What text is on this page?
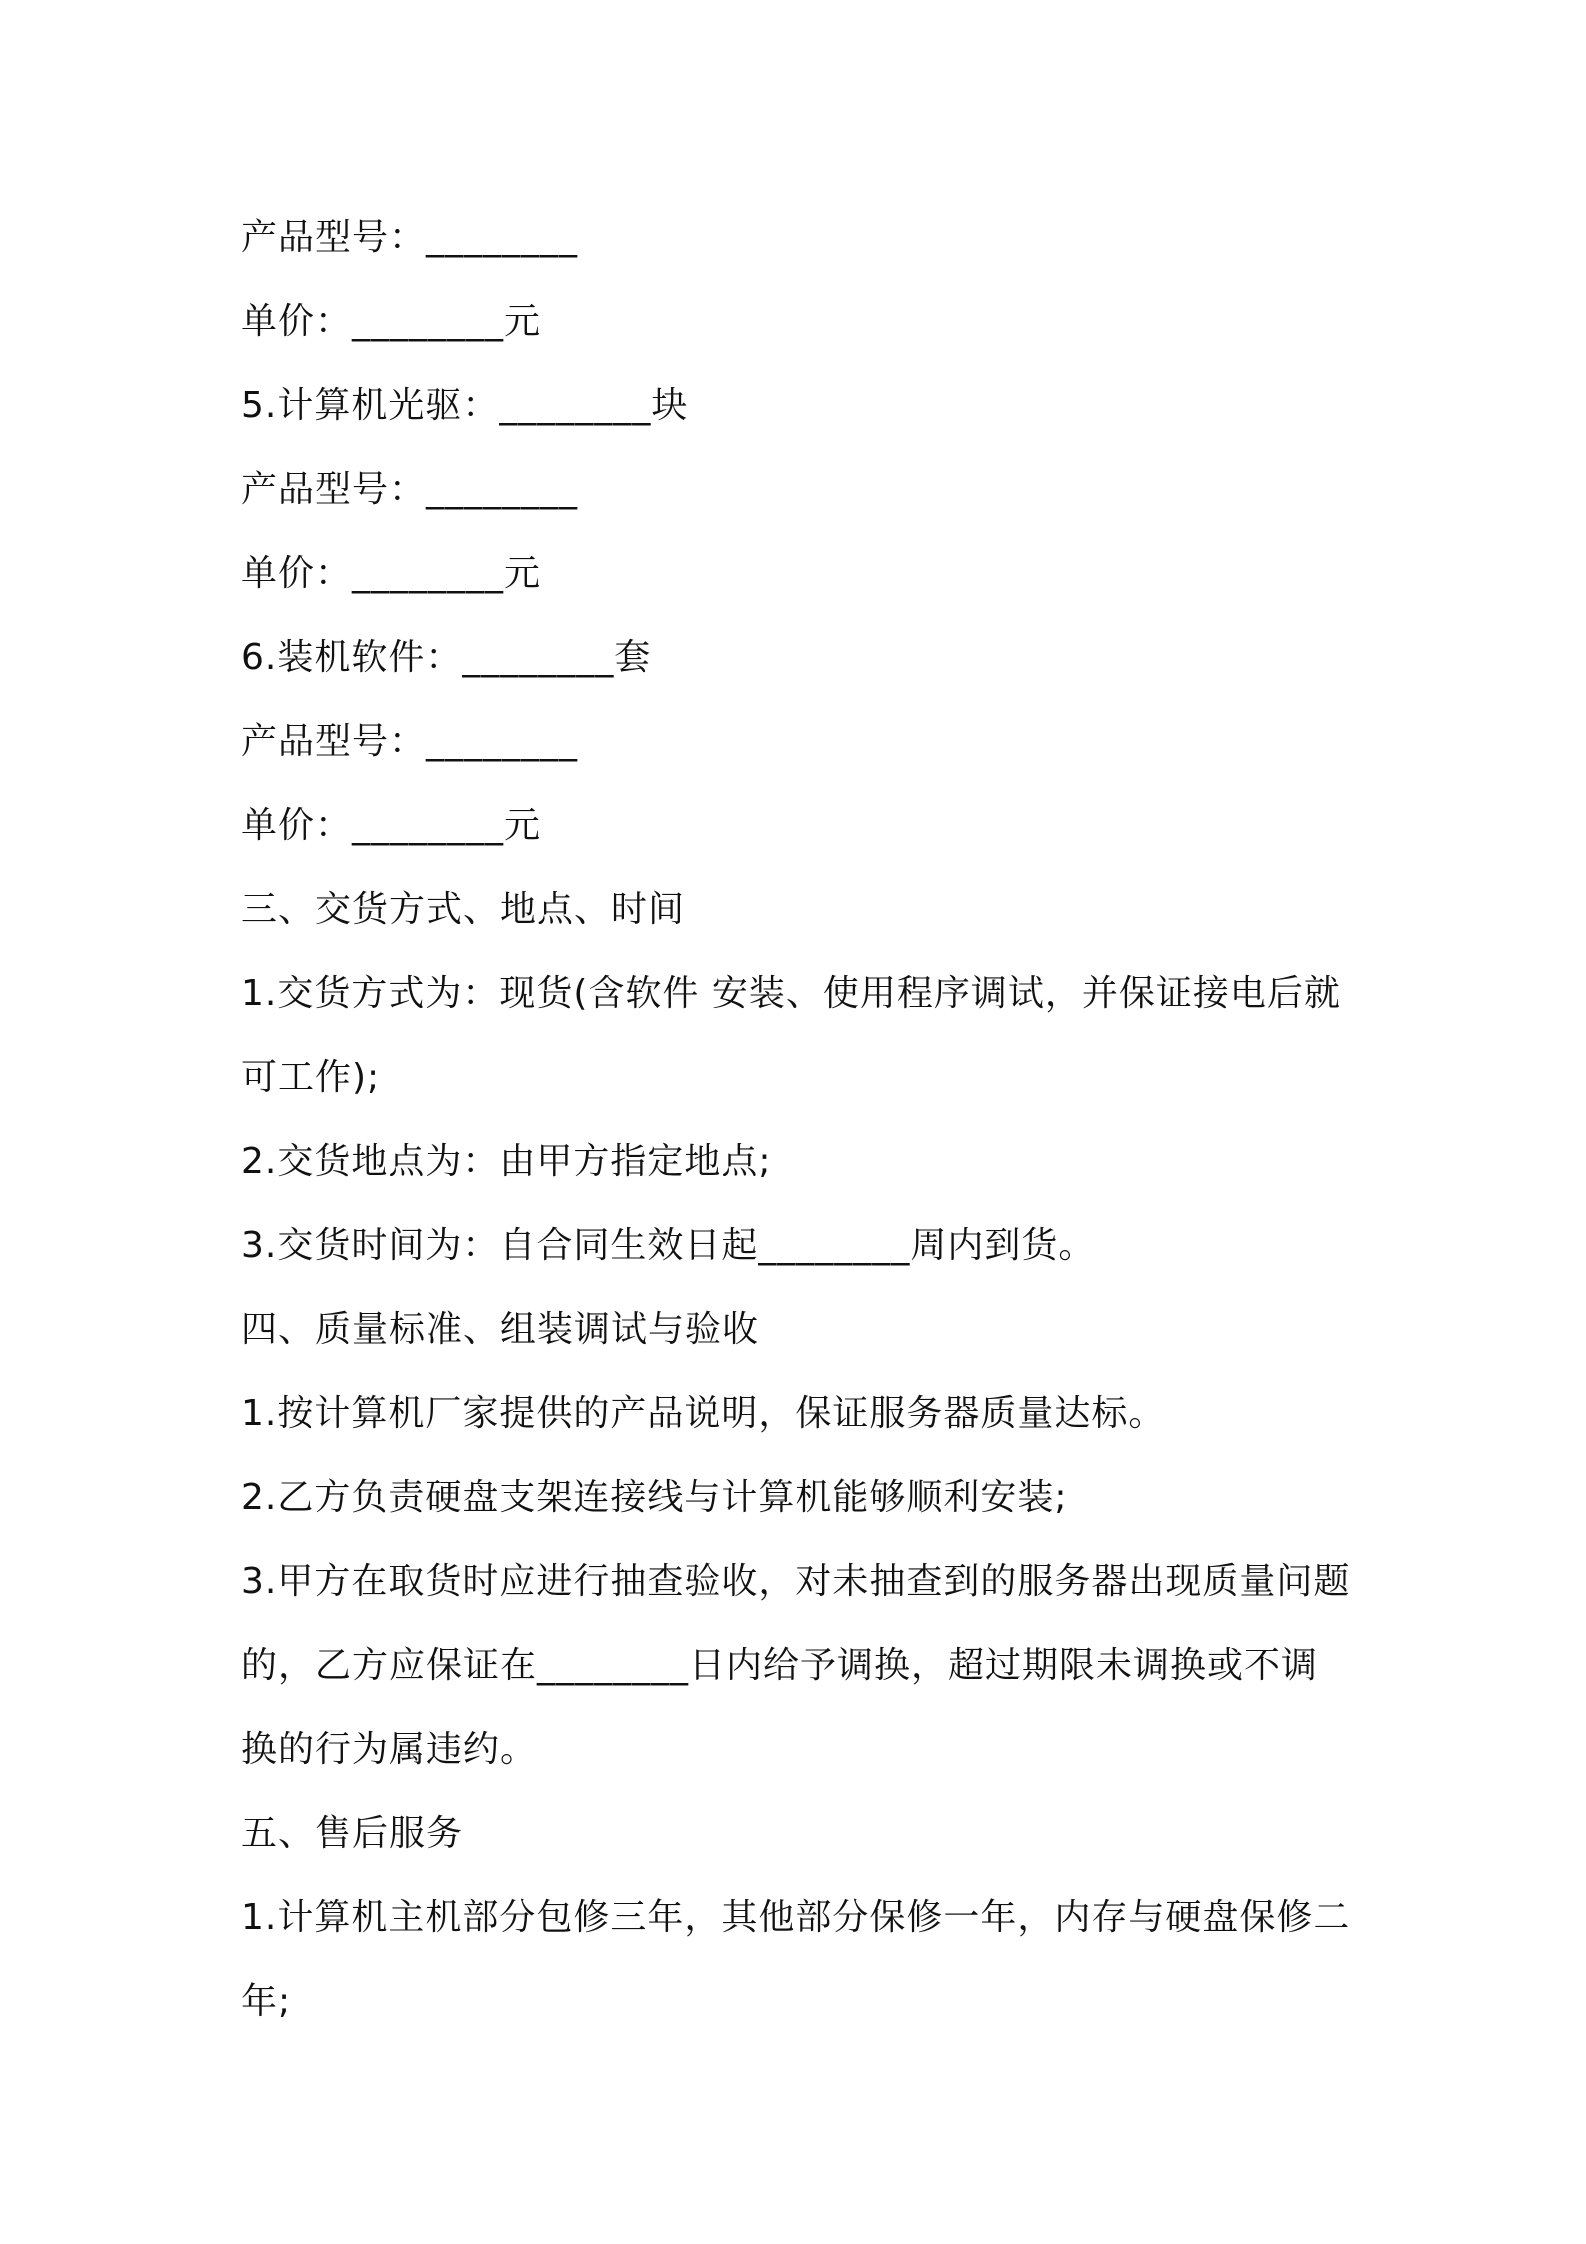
产品型号：________
单价：________元
5.计算机光驱：________块
产品型号：________
单价：________元
6.装机软件：________套
产品型号：________
单价：________元
三、交货方式、地点、时间
1.交货方式为：现货(含软件 安装、使用程序调试，并保证接电后就
可工作);
2.交货地点为：由甲方指定地点;
3.交货时间为：自合同生效日起________周内到货。
四、质量标准、组装调试与验收
1.按计算机厂家提供的产品说明，保证服务器质量达标。
2.乙方负责硬盘支架连接线与计算机能够顺利安装;
3.甲方在取货时应进行抽查验收，对未抽查到的服务器出现质量问题
的，乙方应保证在________日内给予调换，超过期限未调换或不调
换的行为属违约。
五、售后服务
1.计算机主机部分包修三年，其他部分保修一年，内存与硬盘保修二
年;
